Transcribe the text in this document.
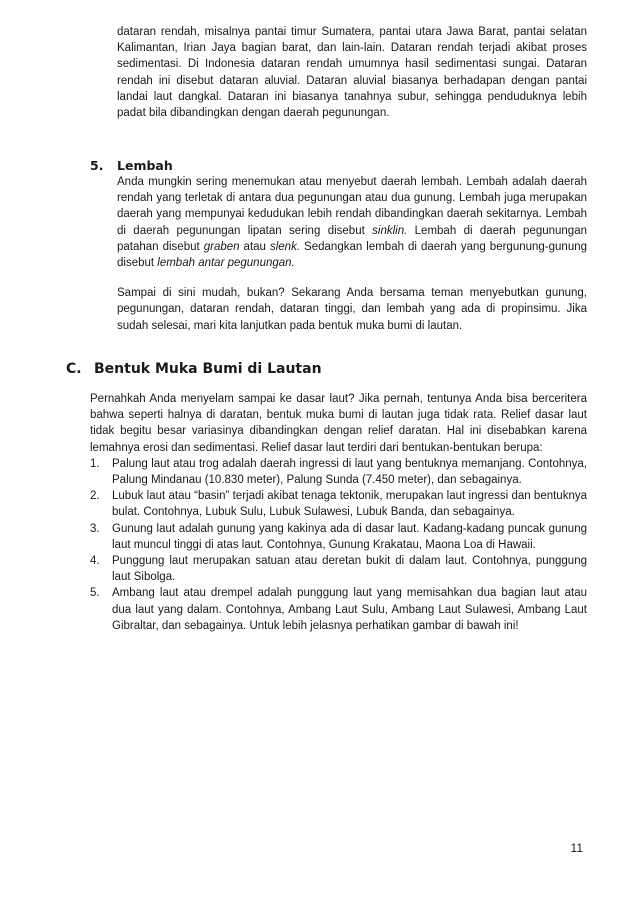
dataran rendah, misalnya pantai timur Sumatera, pantai utara Jawa Barat, pantai selatan Kalimantan, Irian Jaya bagian barat, dan lain-lain. Dataran rendah terjadi akibat proses sedimentasi. Di Indonesia dataran rendah umumnya hasil sedimentasi sungai. Dataran rendah ini disebut dataran aluvial. Dataran aluvial biasanya berhadapan dengan pantai landai laut dangkal. Dataran ini biasanya tanahnya subur, sehingga penduduknya lebih padat bila dibandingkan dengan daerah pegunungan.

5.	Lembah

Anda mungkin sering menemukan atau menyebut daerah lembah. Lembah adalah daerah rendah yang terletak di antara dua pegunungan atau dua gunung. Lembah juga merupakan daerah yang mempunyai kedudukan lebih rendah dibandingkan daerah sekitarnya. Lembah di daerah pegunungan lipatan sering disebut sinklin. Lembah di daerah pegunungan patahan disebut graben atau slenk. Sedangkan lembah di daerah yang bergunung-gunung disebut lembah antar pegunungan.

Sampai di sini mudah, bukan? Sekarang Anda bersama teman menyebutkan gunung, pegunungan, dataran rendah, dataran tinggi, dan lembah yang ada di propinsimu. Jika sudah selesai, mari kita lanjutkan pada bentuk muka bumi di lautan.

C. Bentuk Muka Bumi di Lautan

Pernahkah Anda menyelam sampai ke dasar laut? Jika pernah, tentunya Anda bisa berceritera bahwa seperti halnya di daratan, bentuk muka bumi di lautan juga tidak rata. Relief dasar laut tidak begitu besar variasinya dibandingkan dengan relief daratan. Hal ini disebabkan karena lemahnya erosi dan sedimentasi. Relief dasar laut terdiri dari bentukan-bentukan berupa:

1. Palung laut atau trog adalah daerah ingressi di laut yang bentuknya memanjang. Contohnya, Palung Mindanau (10.830 meter), Palung Sunda (7.450 meter), dan sebagainya.
2. Lubuk laut atau “basin” terjadi akibat tenaga tektonik, merupakan laut ingressi dan bentuknya bulat. Contohnya, Lubuk Sulu, Lubuk Sulawesi, Lubuk Banda, dan sebagainya.
3. Gunung laut adalah gunung yang kakinya ada di dasar laut. Kadang-kadang puncak gunung laut muncul tinggi di atas laut. Contohnya, Gunung Krakatau, Maona Loa di Hawaii.
4. Punggung laut merupakan satuan atau deretan bukit di dalam laut. Contohnya, punggung laut Sibolga.
5. Ambang laut atau drempel adalah punggung laut yang memisahkan dua bagian laut atau dua laut yang dalam. Contohnya, Ambang Laut Sulu, Ambang Laut Sulawesi, Ambang Laut Gibraltar, dan sebagainya. Untuk lebih jelasnya perhatikan gambar di bawah ini!
11
